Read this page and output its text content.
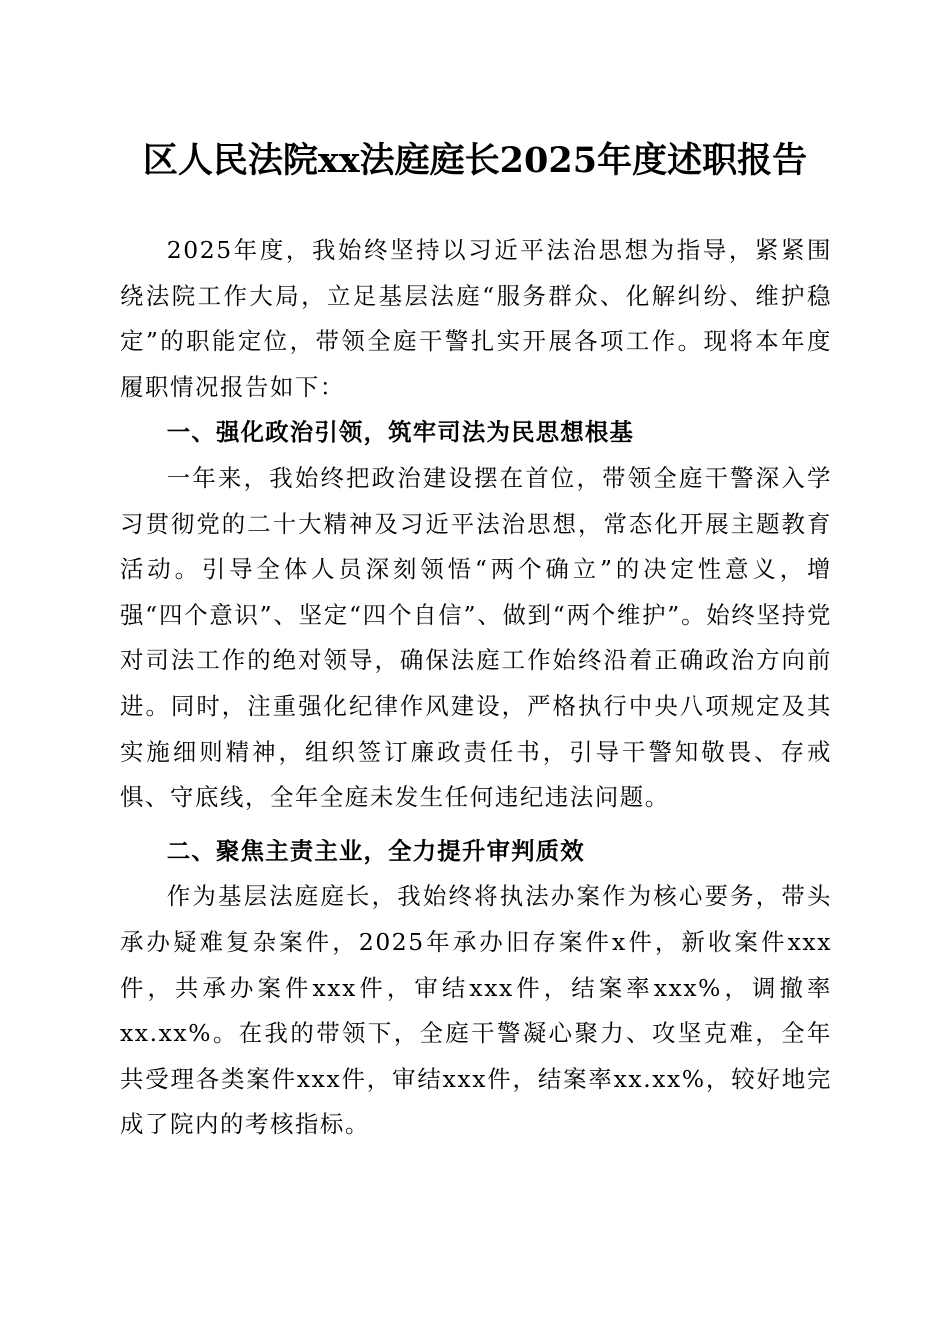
区人民法院xx法庭庭长2025年度述职报告

2025年度，我始终坚持以习近平法治思想为指导，紧紧围绕法院工作大局，立足基层法庭“服务群众、化解纠纷、维护稳定”的职能定位，带领全庭干警扎实开展各项工作。现将本年度履职情况报告如下：

一、强化政治引领，筑牢司法为民思想根基

一年来，我始终把政治建设摆在首位，带领全庭干警深入学习贯彻党的二十大精神及习近平法治思想，常态化开展主题教育活动。引导全体人员深刻领悟“两个确立”的决定性意义，增强“四个意识”、坚定“四个自信”、做到“两个维护”。始终坚持党对司法工作的绝对领导，确保法庭工作始终沿着正确政治方向前进。同时，注重强化纪律作风建设，严格执行中央八项规定及其实施细则精神，组织签订廉政责任书，引导干警知敬畏、存戒惧、守底线，全年全庭未发生任何违纪违法问题。

二、聚焦主责主业，全力提升审判质效

作为基层法庭庭长，我始终将执法办案作为核心要务，带头承办疑难复杂案件，2025年承办旧存案件x件，新收案件xxx件，共承办案件xxx件，审结xxx件，结案率xxx%，调撤率xx.xx%。在我的带领下，全庭干警凝心聚力、攻坚克难，全年共受理各类案件xxx件，审结xxx件，结案率xx.xx%，较好地完成了院内的考核指标。
